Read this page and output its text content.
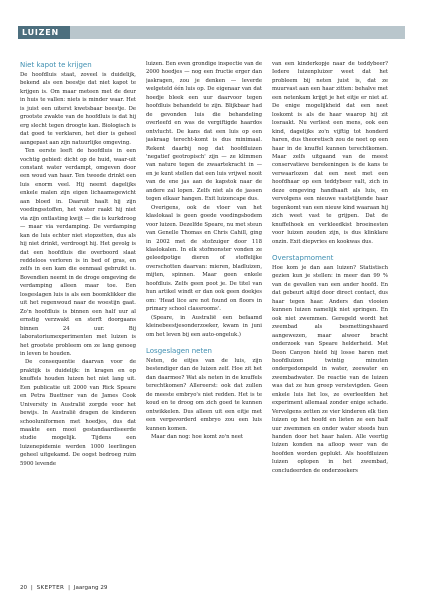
LUIZEN
Niet kapot te krijgen

De hoofdluis staat, zoveel is duidelijk, bekend als een beestje dat niet kapot te krijgen is. Om maar meteen met de deur in huis te vallen: niets is minder waar. Het is juist een uiterst kwetsbaar beestje. De grootste zwakte van de hoofdluis is dat hij erg slecht tegen droogte kan. Biologisch is dat goed te verklaren, het dier is geheel aangepast aan zijn natuurlijke omgeving.

Ten eerste leeft de hoofdluis in een vochtig gebied: dicht op de huid, waar-uit constant water verdampt, omgeven door een woud van haar. Ten tweede drinkt een luis enorm veel. Hij neemt dagelijks enkele malen zijn eigen lichaamsgewicht aan bloed in. Daaruit haalt hij zijn voedingsstoffen, het water raakt hij niet via zijn ontlasting kwijt — die is kurkdroog — maar via verdamping. De verdamping kan de luis echter niet stopzetten, dus als hij niet drinkt, verdroogt hij. Het gevolg is dat een hoofdluis die overboord slaat reddeloos verloren is in bed of gras, en zelfs in een kam die eenmaal gebruikt is. Bovendien neemt in de droge omgeving de verdamping alleen maar toe. Een losgeslagen luis is als een boomklikker die uit het regenwoud naar de woestijn gaat. Zo'n hoofdluis is binnen een half uur al ernstig verzwakt en sterft doorgaans binnen 24 uur. Bij laboratoriumexperimenten met luizen is het grootste probleem om ze lang genoeg in leven te houden.

De consequentie daarvan voor de praktijk is duidelijk: in kragen en op knuffels houden luizen het niet lang uit. Een publicatie uit 2000 van Rick Speare en Petra Buettner van de James Cook University in Australië zorgde voor het bewijs. In Australië dragen de kinderen schooluniformen met hoedjes, dus dat maakte een mooi gestandaardiseerde studie mogelijk. Tijdens een luizenepidemie werden 1000 leerlingen geheel uitgekamd. De oogst bedroeg ruim 5900 levende

luizen. Een even grondige inspectie van de 2000 hoedjes — nog een fructie erger dan jaskragen, zou je denken — leverde welgeteld één luis op. De eigenaar van dat hoedje bleek een uur daarvoor tegen hoofdluis behandeld te zijn. Blijkbaar had de gevonden luis die behandeling overleefd en was de vergiftigde haardos ontvlucht. De kans dat een luis op een jaskraag terecht-komt is dus minimaal. Rekent daarbij nog dat hoofdluizen 'negatief geotropisch' zijn — ze klimmen van nature tegen de zwaartekracht in — en je kunt stellen dat een luis vrijwel nooit van de ene jas aan de kapstok naar de andere zal lopen. Zelfs niet als de jassen tegen elkaar hangen. Exit luizencape dus.

Overigens, ook de vloer van het klaslokaal is geen goede voedingsbodem voor luizen. Dezelfde Speare, nu met steun van Genelle Thomas en Chris Cahill, ging in 2002 met de stofzuiger door 118 klaslokalen. In elk stofmonster vonden ze geleedpotige dieren of stoffelijke overschotten daarvan: mieren, bladluizen, mijten, spinnen. Maar geen enkele hoofdluis. Zelfs geen poot je. De titel van hun artikel windt er dan ook geen doekjes om: 'Head lice are not found on floors in primary school classrooms'.

(Speare, in Australië een befaamd kleinebeestjesonderzoeker, kwam in juni om het leven bij een auto-ongeluk.)

Losgeslagen neten

Neten, de eitjes van de luis, zijn bestendiger dan de luizen zelf. Hoe zit het dan daarmee? Wat als neten in de knuffels terechtkomen? Allereerst: ook dat zullen de meeste embryo's niet redden. Het is te koud en te droog om zich goed te kunnen ontwikkelen. Dus alleen uit een eitje met een vergevorderd embryo zou een luis kunnen komen.

Maar dan nog: hoe komt zo'n neet

van een kinderkopje naar de teddybeer? Iedere luizenpluizer weet dat het probleem bij neten juist is, dat ze muurvast aan een haar zitten: behalve met een netenkam krijgt je het eitje er niet af. De enige mogelijkheid dat een neet loskomt is als de haar waarop hij zit losraakt. Nu verliest een mens, ook een kind, dagelijks zo'n vijftig tot honderd haren, dus theoretisch zou de neet op een haar in de knuffel kunnen terechtkomen. Maar zelfs uitgaand van de meest conservatieve berekeningen is de kans te verwaarlozen dat een neet met een hoofdhaar op een teddybeer valt, zich in deze omgeving handhaaft als luis, en vervolgens een nieuwe vaststijtende haar tegenkomt van een nieuw kind waaraan hij zich weet vast te grijpen. Dat de knuffelhoek en verkleedkist broeinesten voor luizen zouden zijn, is dus klinklare onzin. Exit diepvries en kookwas dus.

Overstapmoment

Hoe kom je dan aan luizen? Statistisch gezien kun je stellen: in meer dan 99 % van de gevallen van een ander hoofd. En dat gebeurt altijd door direct contact, dus haar tegen haar. Anders dan vlooien kunnen luizen namelijk niet springen. En ook niet zwemmen. Geregeld wordt het zwembad als besmettingshaard aangewezen, maar alweer bracht onderzoek van Speare helderheid. Met Deon Canyon hield hij losse haren met hoofdluizen twintig minuten ondergedompeld in water, zeewater en zwembadwater. De reactie van de luizen was dat ze hun greep verstevigden. Geen enkele luis liet los, ze overleefden het experiment allemaal zonder enige schade. Vervolgens zetten ze vier kinderen elk tien luizen op het hoofd en lieten ze een half uur zwemmen en onder water steeds hun handen door het haar halen. Alle veertig luizen konden na afloop weer van de hoofden worden geplukt. Als hoofdluizen luizen oplopen in het zwembad, concludeerden de onderzoekers

20 | SKEPTER | Jaargang 29
